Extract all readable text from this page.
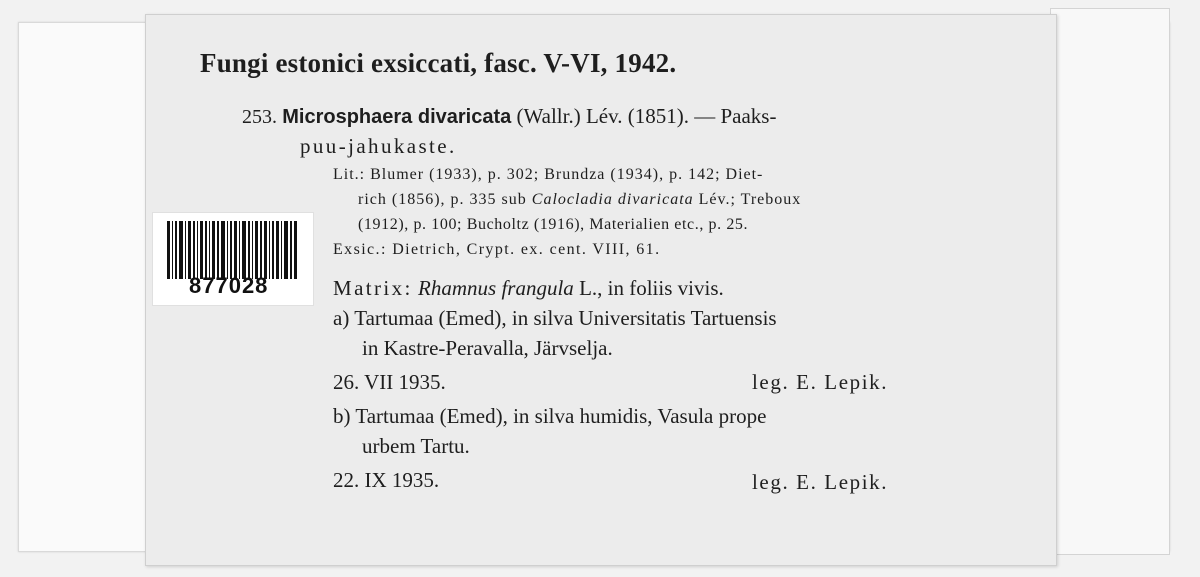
Fungi estonici exsiccati, fasc. V-VI, 1942.
253. Microsphaera divaricata (Wallr.) Lév. (1851). — Paaks-
puu-jahukaste.
Lit.: Blumer (1933), p. 302; Brundza (1934), p. 142; Diet-
rich (1856), p. 335 sub Calocladia divaricata Lév.; Treboux
(1912), p. 100; Bucholtz (1916), Materialien etc., p. 25.
Exsic.: Dietrich, Crypt. ex. cent. VIII, 61.
Matrix: Rhamnus frangula L., in foliis vivis.
a) Tartumaa (Emed), in silva Universitatis Tartuensis
in Kastre-Peravalla, Järvselja.
26. VII 1935.	leg. E. Lepik.
b) Tartumaa (Emed), in silva humidis, Vasula prope
urbem Tartu.
22. IX 1935.	leg. E. Lepik.
877028
